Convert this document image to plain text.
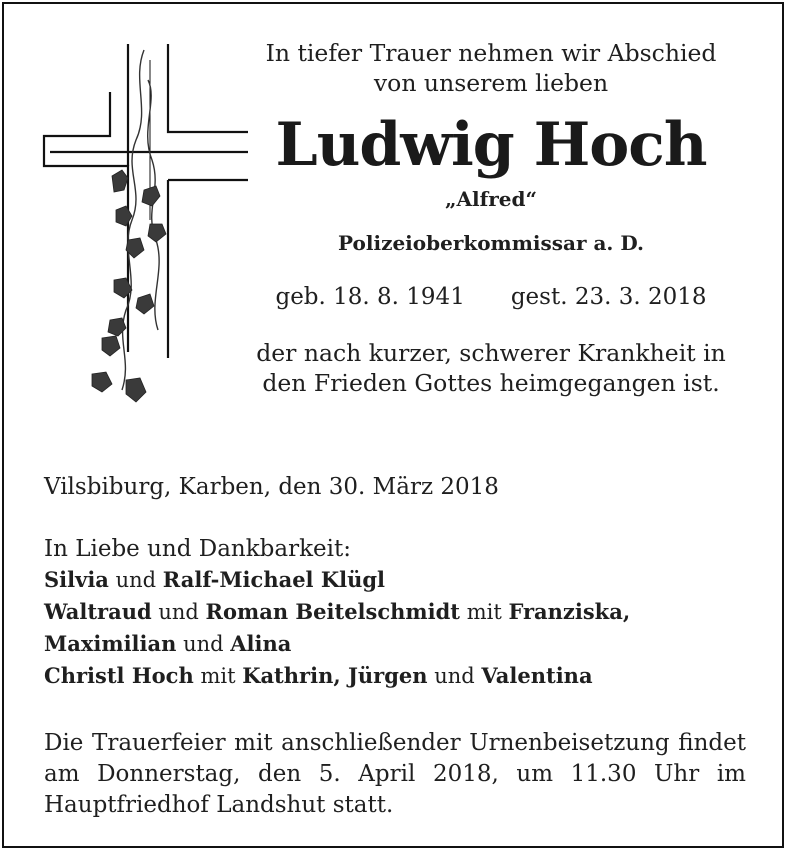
In tiefer Trauer nehmen wir Abschied
von unserem lieben
Ludwig Hoch
„Alfred“
Polizeioberkommissar a. D.
geb. 18. 8. 1941 gest. 23. 3. 2018
der nach kurzer, schwerer Krankheit in
den Frieden Gottes heimgegangen ist.
Vilsbiburg, Karben, den 30. März 2018
In Liebe und Dankbarkeit:
Silvia und Ralf-Michael Klügl
Waltraud und Roman Beitelschmidt mit Franziska,
Maximilian und Alina
Christl Hoch mit Kathrin, Jürgen und Valentina
Die Trauerfeier mit anschließender Urnenbeisetzung findet am Donnerstag, den 5. April 2018, um 11.30 Uhr im Hauptfriedhof Landshut statt.
